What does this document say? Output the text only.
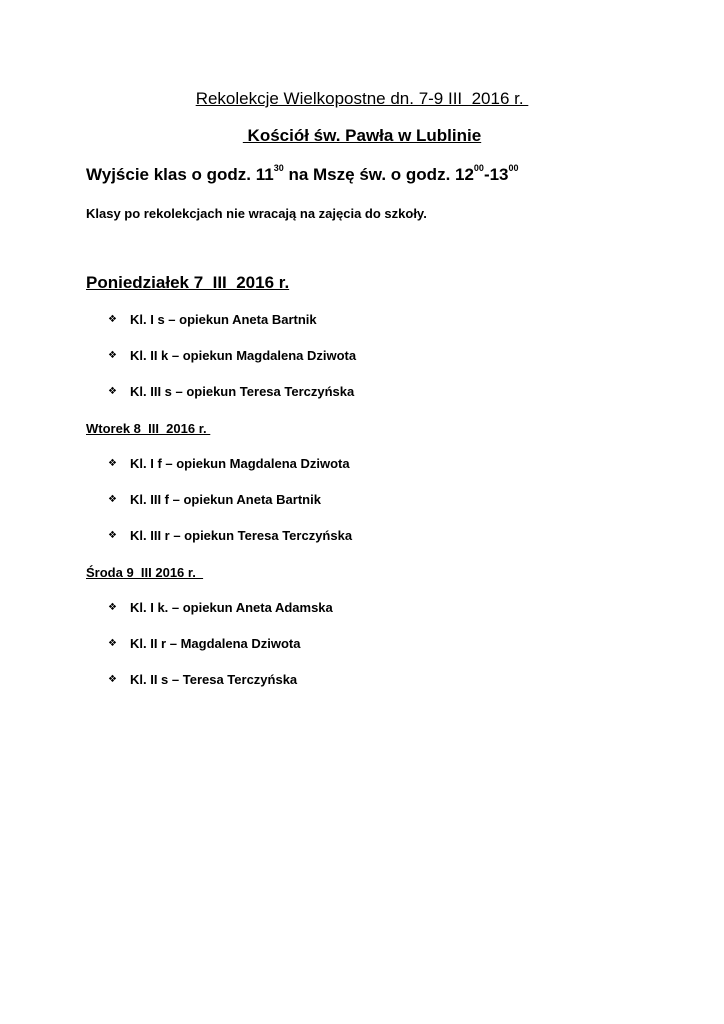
Rekolekcje Wielkopostne dn. 7-9 III  2016 r.
Kościół św. Pawła w Lublinie
Wyjście klas o godz. $11^{30}$ na Mszę św. o godz. $12^{00}-13^{00}$
Klasy po rekolekcjach nie wracają na zajęcia do szkoły.
Poniedziałek 7  III  2016 r.
❖	Kl. I s – opiekun Aneta Bartnik
❖	Kl. II k – opiekun Magdalena Dziwota
❖	Kl. III s – opiekun Teresa Terczyńska
Wtorek 8  III  2016 r.
❖	Kl. I f – opiekun Magdalena Dziwota
❖	Kl. III f – opiekun Aneta Bartnik
❖	Kl. III r – opiekun Teresa Terczyńska
Środa 9  III 2016 r.
❖	Kl. I k. – opiekun Aneta Adamska
❖	Kl. II r – Magdalena Dziwota
❖	Kl. II s – Teresa Terczyńska
